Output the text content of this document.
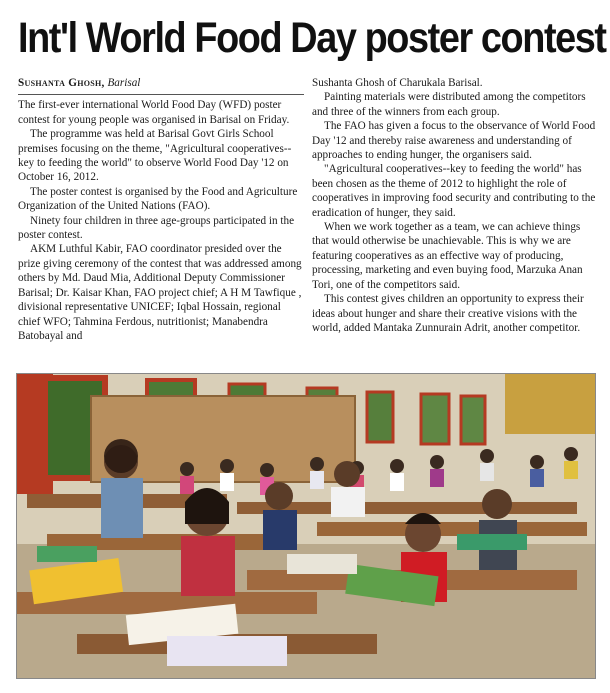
Int'l World Food Day poster contest
Sushanta Ghosh, Barisal

The first-ever international World Food Day (WFD) poster contest for young people was organised in Barisal on Friday.

The programme was held at Barisal Govt Girls School premises focusing on the theme, "Agricultural cooperatives-- key to feeding the world" to observe World Food Day '12 on October 16, 2012.

The poster contest is organised by the Food and Agriculture Organization of the United Nations (FAO).

Ninety four children in three age-groups participated in the poster contest.

AKM Luthful Kabir, FAO coordinator presided over the prize giving ceremony of the contest that was addressed among others by Md. Daud Mia, Additional Deputy Commissioner Barisal; Dr. Kaisar Khan, FAO project chief; A H M Tawfique , divisional representative UNICEF; Iqbal Hossain, regional chief WFO; Tahmina Ferdous, nutritionist; Manabendra Batobayal and

Sushanta Ghosh of Charukala Barisal.

Painting materials were distributed among the competitors and three of the winners from each group.

The FAO has given a focus to the observance of World Food Day '12 and thereby raise awareness and understanding of approaches to ending hunger, the organisers said.

"Agricultural cooperatives--key to feeding the world" has been chosen as the theme of 2012 to highlight the role of cooperatives in improving food security and contributing to the eradication of hunger, they said.

When we work together as a team, we can achieve things that would otherwise be unachievable. This is why we are featuring cooperatives as an effective way of producing, processing, marketing and even buying food, Marzuka Anan Tori, one of the competitors said.

This contest gives children an opportunity to express their ideas about hunger and share their creative visions with the world, added Mantaka Zunnurain Adrit, another competitor.
